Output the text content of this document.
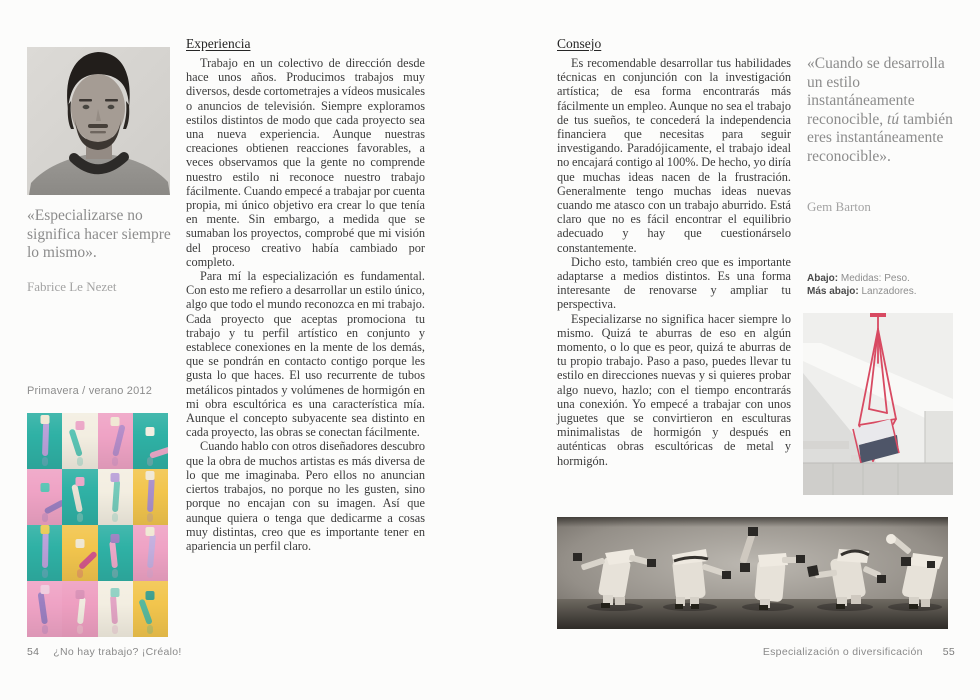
«Especializarse no significa hacer siempre lo mismo».
Fabrice Le Nezet
Primavera / verano 2012
Experiencia

Trabajo en un colectivo de dirección desde hace unos años. Producimos trabajos muy diversos, desde cortometrajes a vídeos musicales o anuncios de televisión. Siempre exploramos estilos distintos de modo que cada proyecto sea una nueva experiencia. Aunque nuestras creaciones obtienen reacciones favorables, a veces observamos que la gente no comprende nuestro estilo ni reconoce nuestro trabajo fácilmente. Cuando empecé a trabajar por cuenta propia, mi único objetivo era crear lo que tenía en mente. Sin embargo, a medida que se sumaban los proyectos, comprobé que mi visión del proceso creativo había cambiado por completo.

Para mí la especialización es fundamental. Con esto me refiero a desarrollar un estilo único, algo que todo el mundo reconozca en mi trabajo. Cada proyecto que aceptas promociona tu trabajo y tu perfil artístico en conjunto y establece conexiones en la mente de los demás, que se pondrán en contacto contigo porque les gusta lo que haces. El uso recurrente de tubos metálicos pintados y volúmenes de hormigón en mi obra escultórica es una característica mía. Aunque el concepto subyacente sea distinto en cada proyecto, las obras se conectan fácilmente.

Cuando hablo con otros diseñadores descubro que la obra de muchos artistas es más diversa de lo que me imaginaba. Pero ellos no anuncian ciertos trabajos, no porque no les gusten, sino porque no encajan con su imagen. Así que aunque quiera o tenga que dedicarme a cosas muy distintas, creo que es importante tener en apariencia un perfil claro.

54 ¿No hay trabajo? ¡Créalo!
Consejo

Es recomendable desarrollar tus habilidades técnicas en conjunción con la investigación artística; de esa forma encontrarás más fácilmente un empleo. Aunque no sea el trabajo de tus sueños, te concederá la independencia financiera que necesitas para seguir investigando. Paradójicamente, el trabajo ideal no encajará contigo al 100%. De hecho, yo diría que muchas ideas nacen de la frustración. Generalmente tengo muchas ideas nuevas cuando me atasco con un trabajo aburrido. Está claro que no es fácil encontrar el equilibrio adecuado y hay que cuestionárselo constantemente.

Dicho esto, también creo que es importante adaptarse a medios distintos. Es una forma interesante de renovarse y ampliar tu perspectiva.

Especializarse no significa hacer siempre lo mismo. Quizá te aburras de eso en algún momento, o lo que es peor, quizá te aburras de tu propio trabajo. Paso a paso, puedes llevar tu estilo en direcciones nuevas y si quieres probar algo nuevo, hazlo; con el tiempo encontrarás una conexión. Yo empecé a trabajar con unos juguetes que se convirtieron en esculturas minimalistas de hormigón y después en auténticas obras escultóricas de metal y hormigón.

«Cuando se desarrolla un estilo instantáneamente reconocible, tú también eres instantáneamente reconocible».
Gem Barton
Abajo: Medidas: Peso.
Más abajo: Lanzadores.
Especialización o diversificación 55
